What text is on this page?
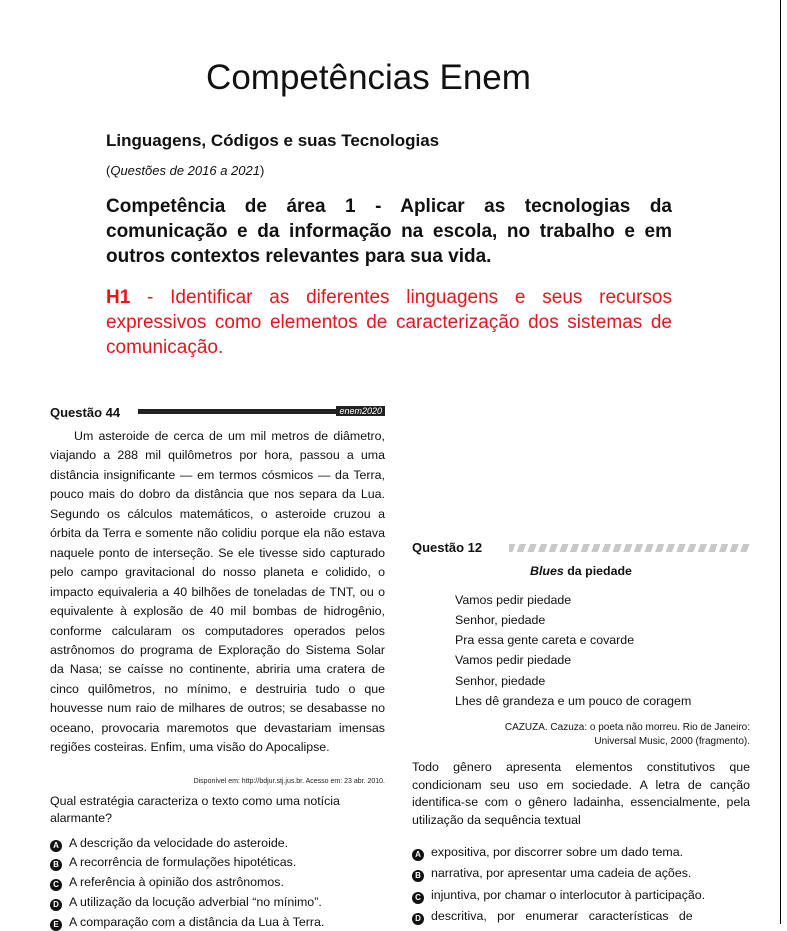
Competências Enem
Linguagens, Códigos e suas Tecnologias
(Questões de 2016 a 2021)
Competência de área 1 - Aplicar as tecnologias da comunicação e da informação na escola, no trabalho e em outros contextos relevantes para sua vida.
H1 - Identificar as diferentes linguagens e seus recursos expressivos como elementos de caracterização dos sistemas de comunicação.
Questão 44	enem2020
Um asteroide de cerca de um mil metros de diâmetro, viajando a 288 mil quilômetros por hora, passou a uma distância insignificante — em termos cósmicos — da Terra, pouco mais do dobro da distância que nos separa da Lua. Segundo os cálculos matemáticos, o asteroide cruzou a órbita da Terra e somente não colidiu porque ela não estava naquele ponto de interseção. Se ele tivesse sido capturado pelo campo gravitacional do nosso planeta e colidido, o impacto equivaleria a 40 bilhões de toneladas de TNT, ou o equivalente à explosão de 40 mil bombas de hidrogênio, conforme calcularam os computadores operados pelos astrônomos do programa de Exploração do Sistema Solar da Nasa; se caísse no continente, abriria uma cratera de cinco quilômetros, no mínimo, e destruiria tudo o que houvesse num raio de milhares de outros; se desabasse no oceano, provocaria maremotos que devastariam imensas regiões costeiras. Enfim, uma visão do Apocalipse.
Disponível em: http://bdjur.stj.jus.br. Acesso em: 23 abr. 2010.
Qual estratégia caracteriza o texto como uma notícia alarmante?
A A descrição da velocidade do asteroide.
B A recorrência de formulações hipotéticas.
C A referência à opinião dos astrônomos.
D A utilização da locução adverbial “no mínimo”.
E A comparação com a distância da Lua à Terra.
Questão 12
Blues da piedade
Vamos pedir piedade
Senhor, piedade
Pra essa gente careta e covarde
Vamos pedir piedade
Senhor, piedade
Lhes dê grandeza e um pouco de coragem
CAZUZA. Cazuza: o poeta não morreu. Rio de Janeiro:
Universal Music, 2000 (fragmento).
Todo gênero apresenta elementos constitutivos que condicionam seu uso em sociedade. A letra de canção identifica-se com o gênero ladainha, essencialmente, pela utilização da sequência textual
A expositiva, por discorrer sobre um dado tema.
B narrativa, por apresentar uma cadeia de ações.
C injuntiva, por chamar o interlocutor à participação.
D descritiva,   por   enumerar   características   de
